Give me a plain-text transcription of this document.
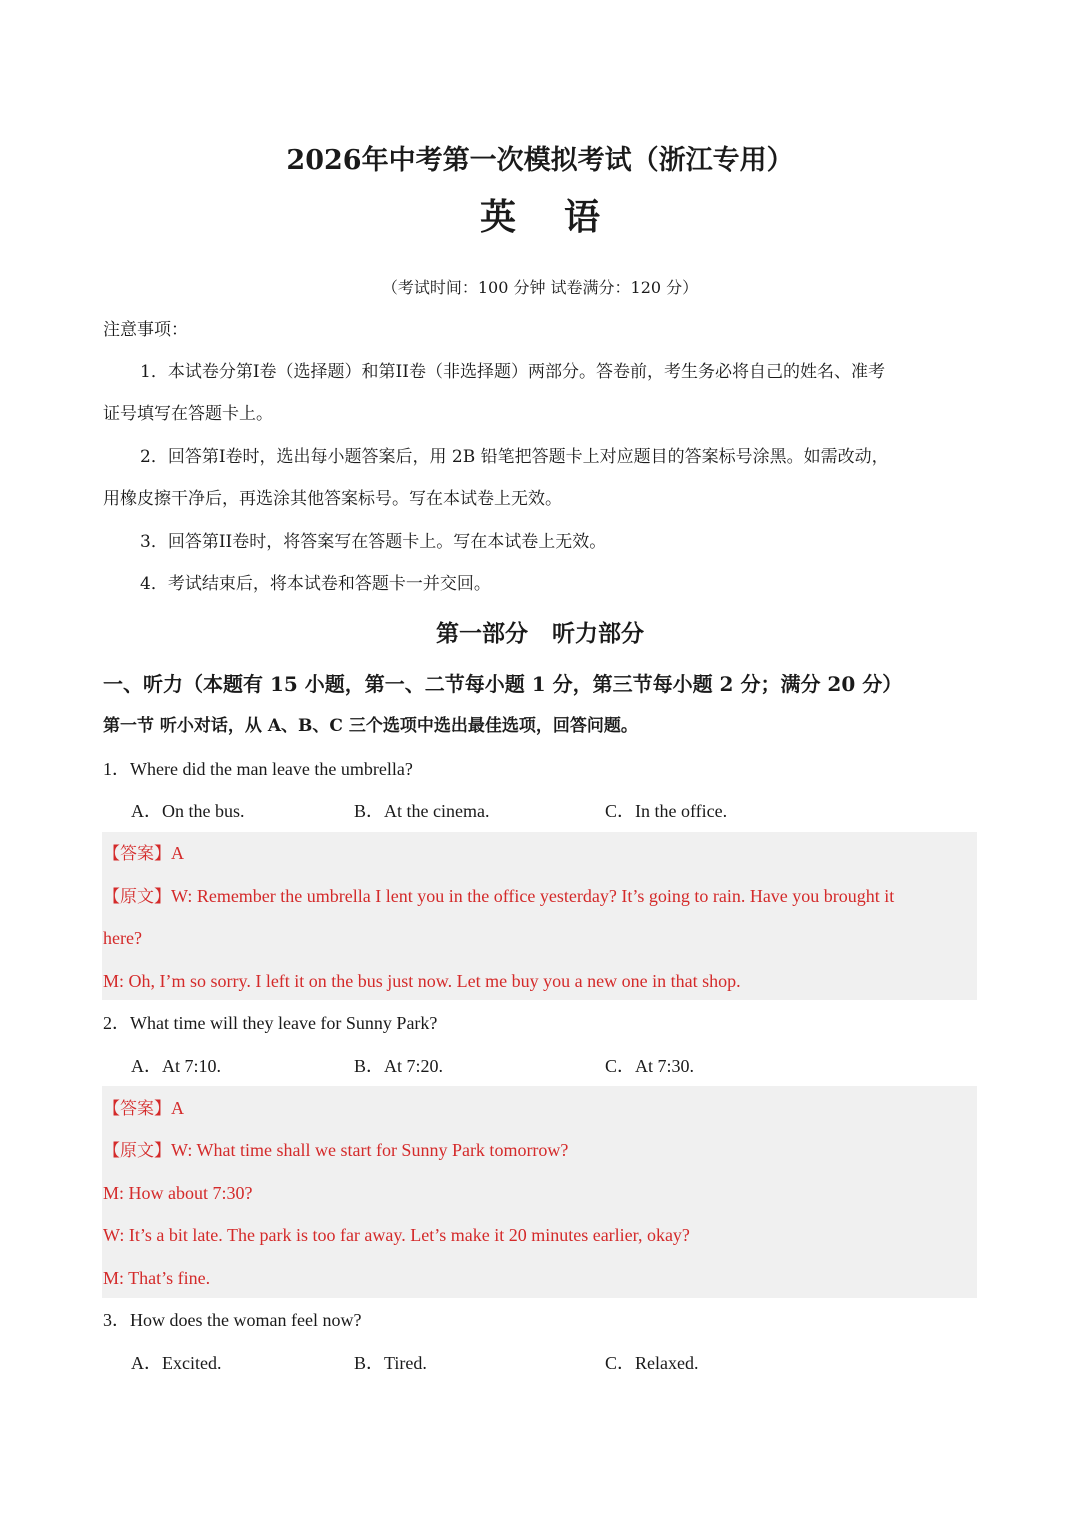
2026年中考第一次模拟考试（浙江专用）
英 语
（考试时间：100 分钟 试卷满分：120 分）
注意事项：
1．本试卷分第I卷（选择题）和第II卷（非选择题）两部分。答卷前，考生务必将自己的姓名、准考
证号填写在答题卡上。
2．回答第I卷时，选出每小题答案后，用 2B 铅笔把答题卡上对应题目的答案标号涂黑。如需改动，
用橡皮擦干净后，再选涂其他答案标号。写在本试卷上无效。
3．回答第II卷时，将答案写在答题卡上。写在本试卷上无效。
4．考试结束后，将本试卷和答题卡一并交回。
第一部分 听力部分
一、听力（本题有 15 小题，第一、二节每小题 1 分，第三节每小题 2 分；满分 20 分）
第一节 听小对话，从 A、B、C 三个选项中选出最佳选项，回答问题。
1．Where did the man leave the umbrella?
A．On the bus.	B．At the cinema.	C．In the office.
【答案】A
【原文】W: Remember the umbrella I lent you in the office yesterday? It’s going to rain. Have you brought it
here?
M: Oh, I’m so sorry. I left it on the bus just now. Let me buy you a new one in that shop.
2．What time will they leave for Sunny Park?
A．At 7:10.	B．At 7:20.	C．At 7:30.
【答案】A
【原文】W: What time shall we start for Sunny Park tomorrow?
M: How about 7:30?
W: It’s a bit late. The park is too far away. Let’s make it 20 minutes earlier, okay?
M: That’s fine.
3．How does the woman feel now?
A．Excited.	B．Tired.	C．Relaxed.
